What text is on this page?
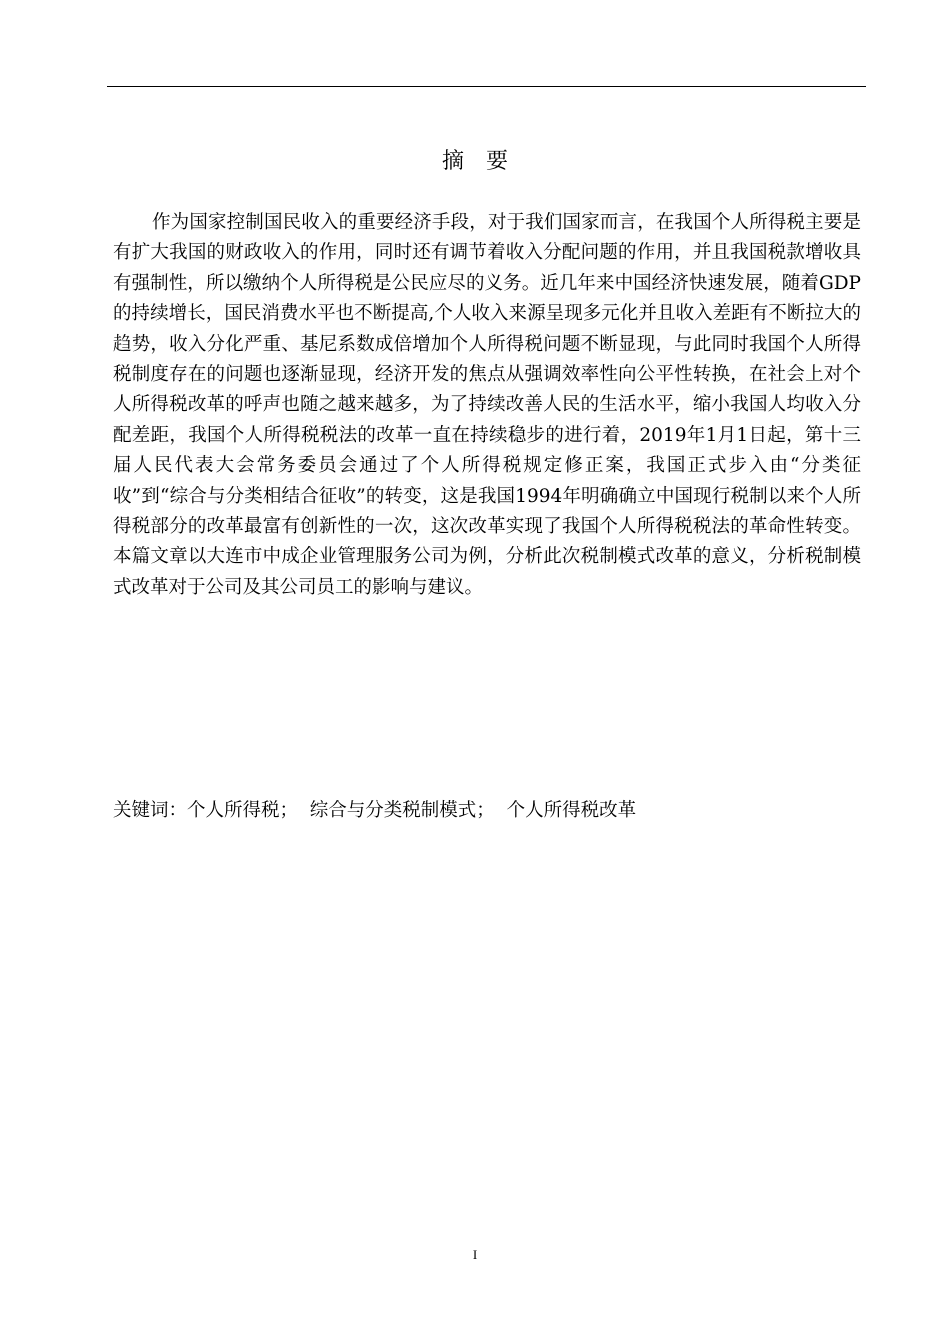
摘 要

作为国家控制国民收入的重要经济手段，对于我们国家而言，在我国个人所得税主要是有扩大我国的财政收入的作用，同时还有调节着收入分配问题的作用，并且我国税款增收具有强制性，所以缴纳个人所得税是公民应尽的义务。近几年来中国经济快速发展，随着GDP的持续增长，国民消费水平也不断提高,个人收入来源呈现多元化并且收入差距有不断拉大的趋势，收入分化严重、基尼系数成倍增加个人所得税问题不断显现，与此同时我国个人所得税制度存在的问题也逐渐显现，经济开发的焦点从强调效率性向公平性转换，在社会上对个人所得税改革的呼声也随之越来越多，为了持续改善人民的生活水平，缩小我国人均收入分配差距，我国个人所得税税法的改革一直在持续稳步的进行着，2019年1月1日起，第十三届人民代表大会常务委员会通过了个人所得税规定修正案，我国正式步入由“分类征收”到“综合与分类相结合征收”的转变，这是我国1994年明确确立中国现行税制以来个人所得税部分的改革最富有创新性的一次，这次改革实现了我国个人所得税税法的革命性转变。本篇文章以大连市中成企业管理服务公司为例，分析此次税制模式改革的意义，分析税制模式改革对于公司及其公司员工的影响与建议。

关键词：个人所得税； 综合与分类税制模式； 个人所得税改革
I
